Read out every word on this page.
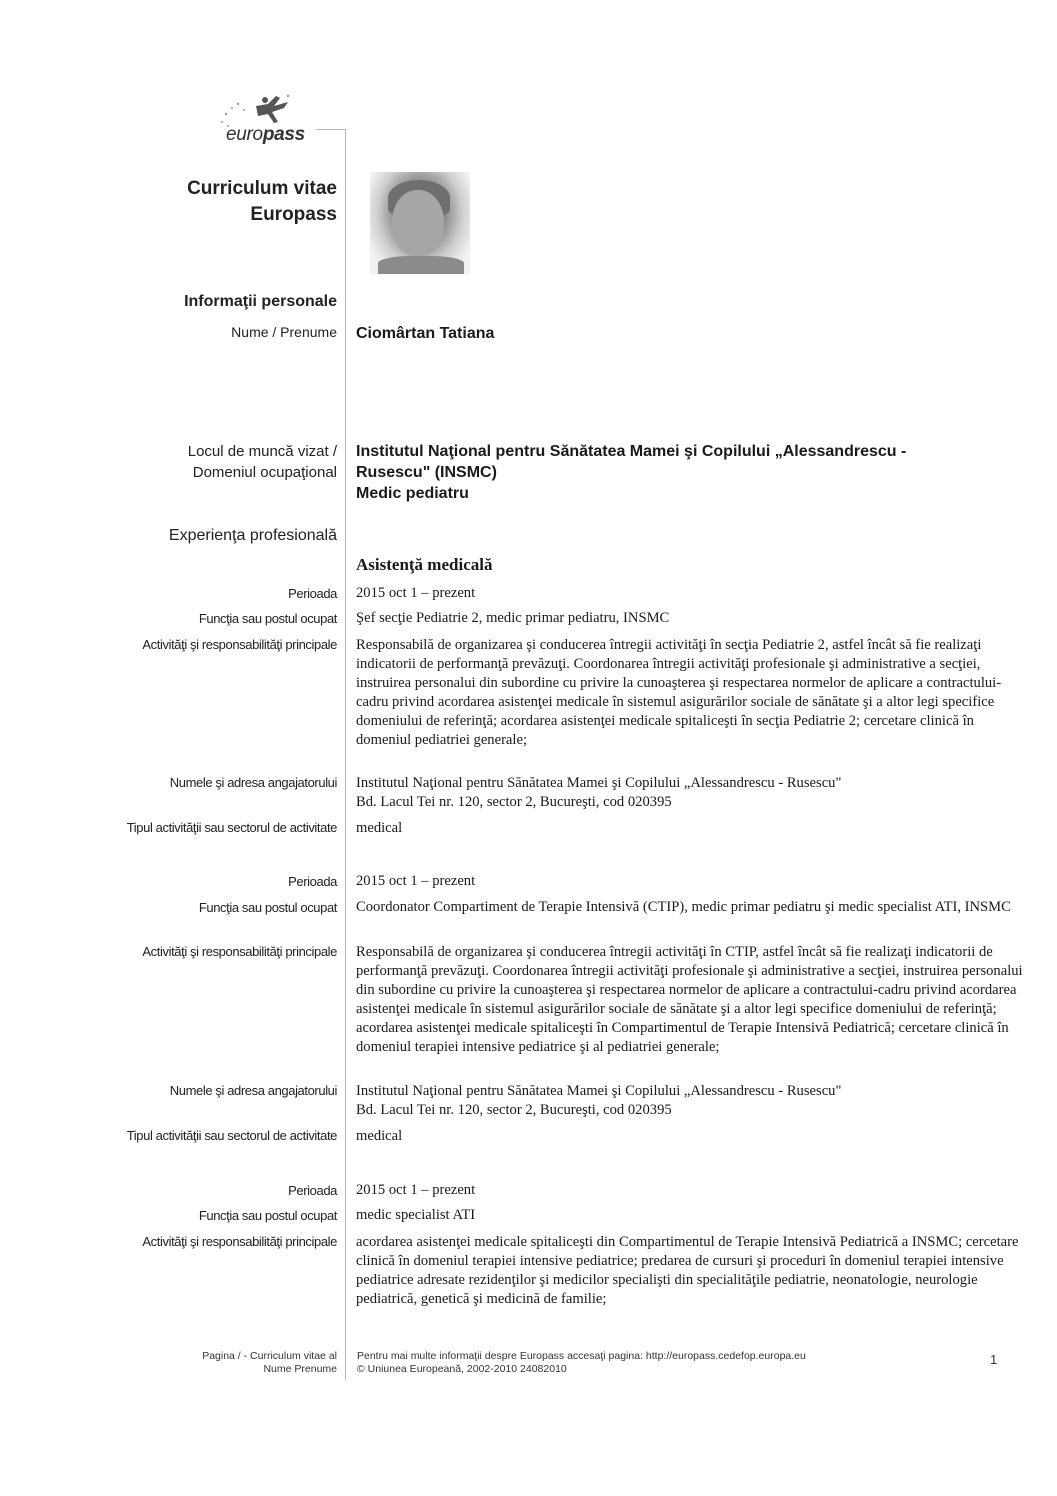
europass
Curriculum vitae
Europass
Informaţii personale
Nume / Prenume Ciomârtan Tatiana
Locul de muncă vizat /
Domeniul ocupaţional
Institutul Naţional pentru Sănătatea Mamei şi Copilului „Alessandrescu -
Rusescu" (INSMC)
Medic pediatru
Experienţa profesională
Asistenţă medicală
Perioada 2015 oct 1 – prezent
Funcţia sau postul ocupat Şef secţie Pediatrie 2, medic primar pediatru, INSMC
Activităţi şi responsabilităţi principale Responsabilă de organizarea şi conducerea întregii activităţi în secţia Pediatrie 2, astfel încât să fie realizaţi indicatorii de performanţă prevăzuţi. Coordonarea întregii activităţi profesionale şi administrative a secţiei, instruirea personalui din subordine cu privire la cunoaşterea şi respectarea normelor de aplicare a contractului-cadru privind acordarea asistenţei medicale în sistemul asigurărilor sociale de sănătate şi a altor legi specifice domeniului de referinţă; acordarea asistenţei medicale spitaliceşti în secţia Pediatrie 2; cercetare clinică în domeniul pediatriei generale;
Numele şi adresa angajatorului Institutul Naţional pentru Sănătatea Mamei şi Copilului „Alessandrescu - Rusescu"
Bd. Lacul Tei nr. 120, sector 2, Bucureşti, cod 020395
Tipul activităţii sau sectorul de activitate medical
Perioada 2015 oct 1 – prezent
Funcţia sau postul ocupat Coordonator Compartiment de Terapie Intensivă (CTIP), medic primar pediatru şi medic specialist ATI, INSMC
Activităţi şi responsabilităţi principale Responsabilă de organizarea şi conducerea întregii activităţi în CTIP, astfel încât să fie realizaţi indicatorii de performanţă prevăzuţi. Coordonarea întregii activităţi profesionale şi administrative a secţiei, instruirea personalui din subordine cu privire la cunoaşterea şi respectarea normelor de aplicare a contractului-cadru privind acordarea asistenţei medicale în sistemul asigurărilor sociale de sănătate şi a altor legi specifice domeniului de referinţă; acordarea asistenţei medicale spitaliceşti în Compartimentul de Terapie Intensivă Pediatrică; cercetare clinică în domeniul terapiei intensive pediatrice şi al pediatriei generale;
Numele şi adresa angajatorului Institutul Naţional pentru Sănătatea Mamei şi Copilului „Alessandrescu - Rusescu"
Bd. Lacul Tei nr. 120, sector 2, Bucureşti, cod 020395
Tipul activităţii sau sectorul de activitate medical
Perioada 2015 oct 1 – prezent
Funcţia sau postul ocupat medic specialist ATI
Activităţi şi responsabilităţi principale acordarea asistenţei medicale spitaliceşti din Compartimentul de Terapie Intensivă Pediatrică a INSMC; cercetare clinică în domeniul terapiei intensive pediatrice; predarea de cursuri şi proceduri în domeniul terapiei intensive pediatrice adresate rezidenţilor şi medicilor specialişti din specialităţile pediatrie, neonatologie, neurologie pediatrică, genetică şi medicină de familie;
Pagina / - Curriculum vitae al
Nume Prenume
Pentru mai multe informaţii despre Europass accesaţi pagina: http://europass.cedefop.europa.eu
© Uniunea Europeană, 2002-2010 24082010
1
